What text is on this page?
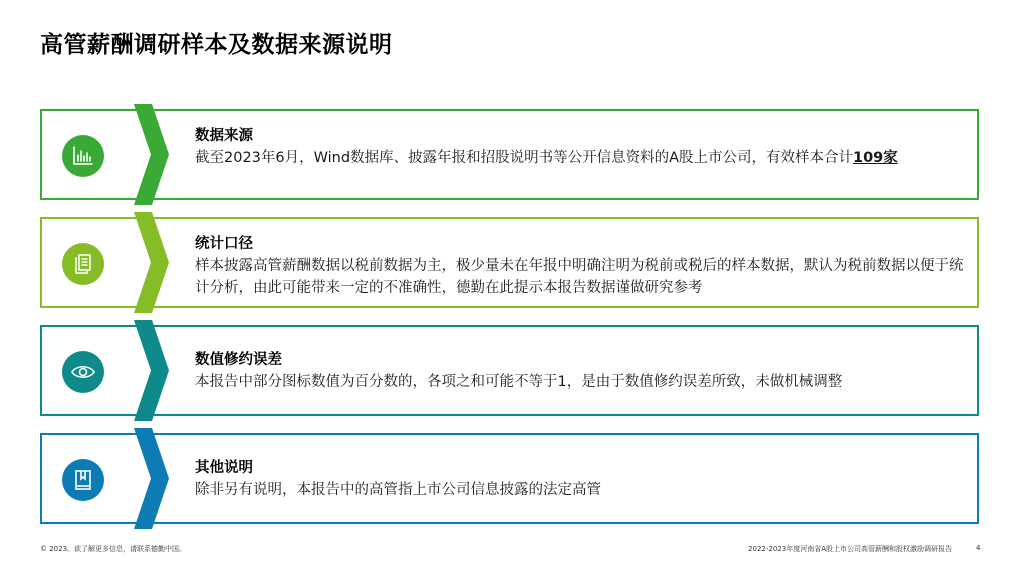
高管薪酬调研样本及数据来源说明
数据来源
截至2023年6月，Wind数据库、披露年报和招股说明书等公开信息资料的A股上市公司，有效样本合计109家
统计口径
样本披露高管薪酬数据以税前数据为主，极少量未在年报中明确注明为税前或税后的样本数据，默认为税前数据以便于统计分析，由此可能带来一定的不准确性，德勤在此提示本报告数据谨做研究参考
数值修约误差
本报告中部分图标数值为百分数的，各项之和可能不等于1，是由于数值修约误差所致，未做机械调整
其他说明
除非另有说明，本报告中的高管指上市公司信息披露的法定高管
© 2023。欲了解更多信息，请联系德勤中国。	2022-2023年度河南省A股上市公司高管薪酬和股权激励调研报告	4
